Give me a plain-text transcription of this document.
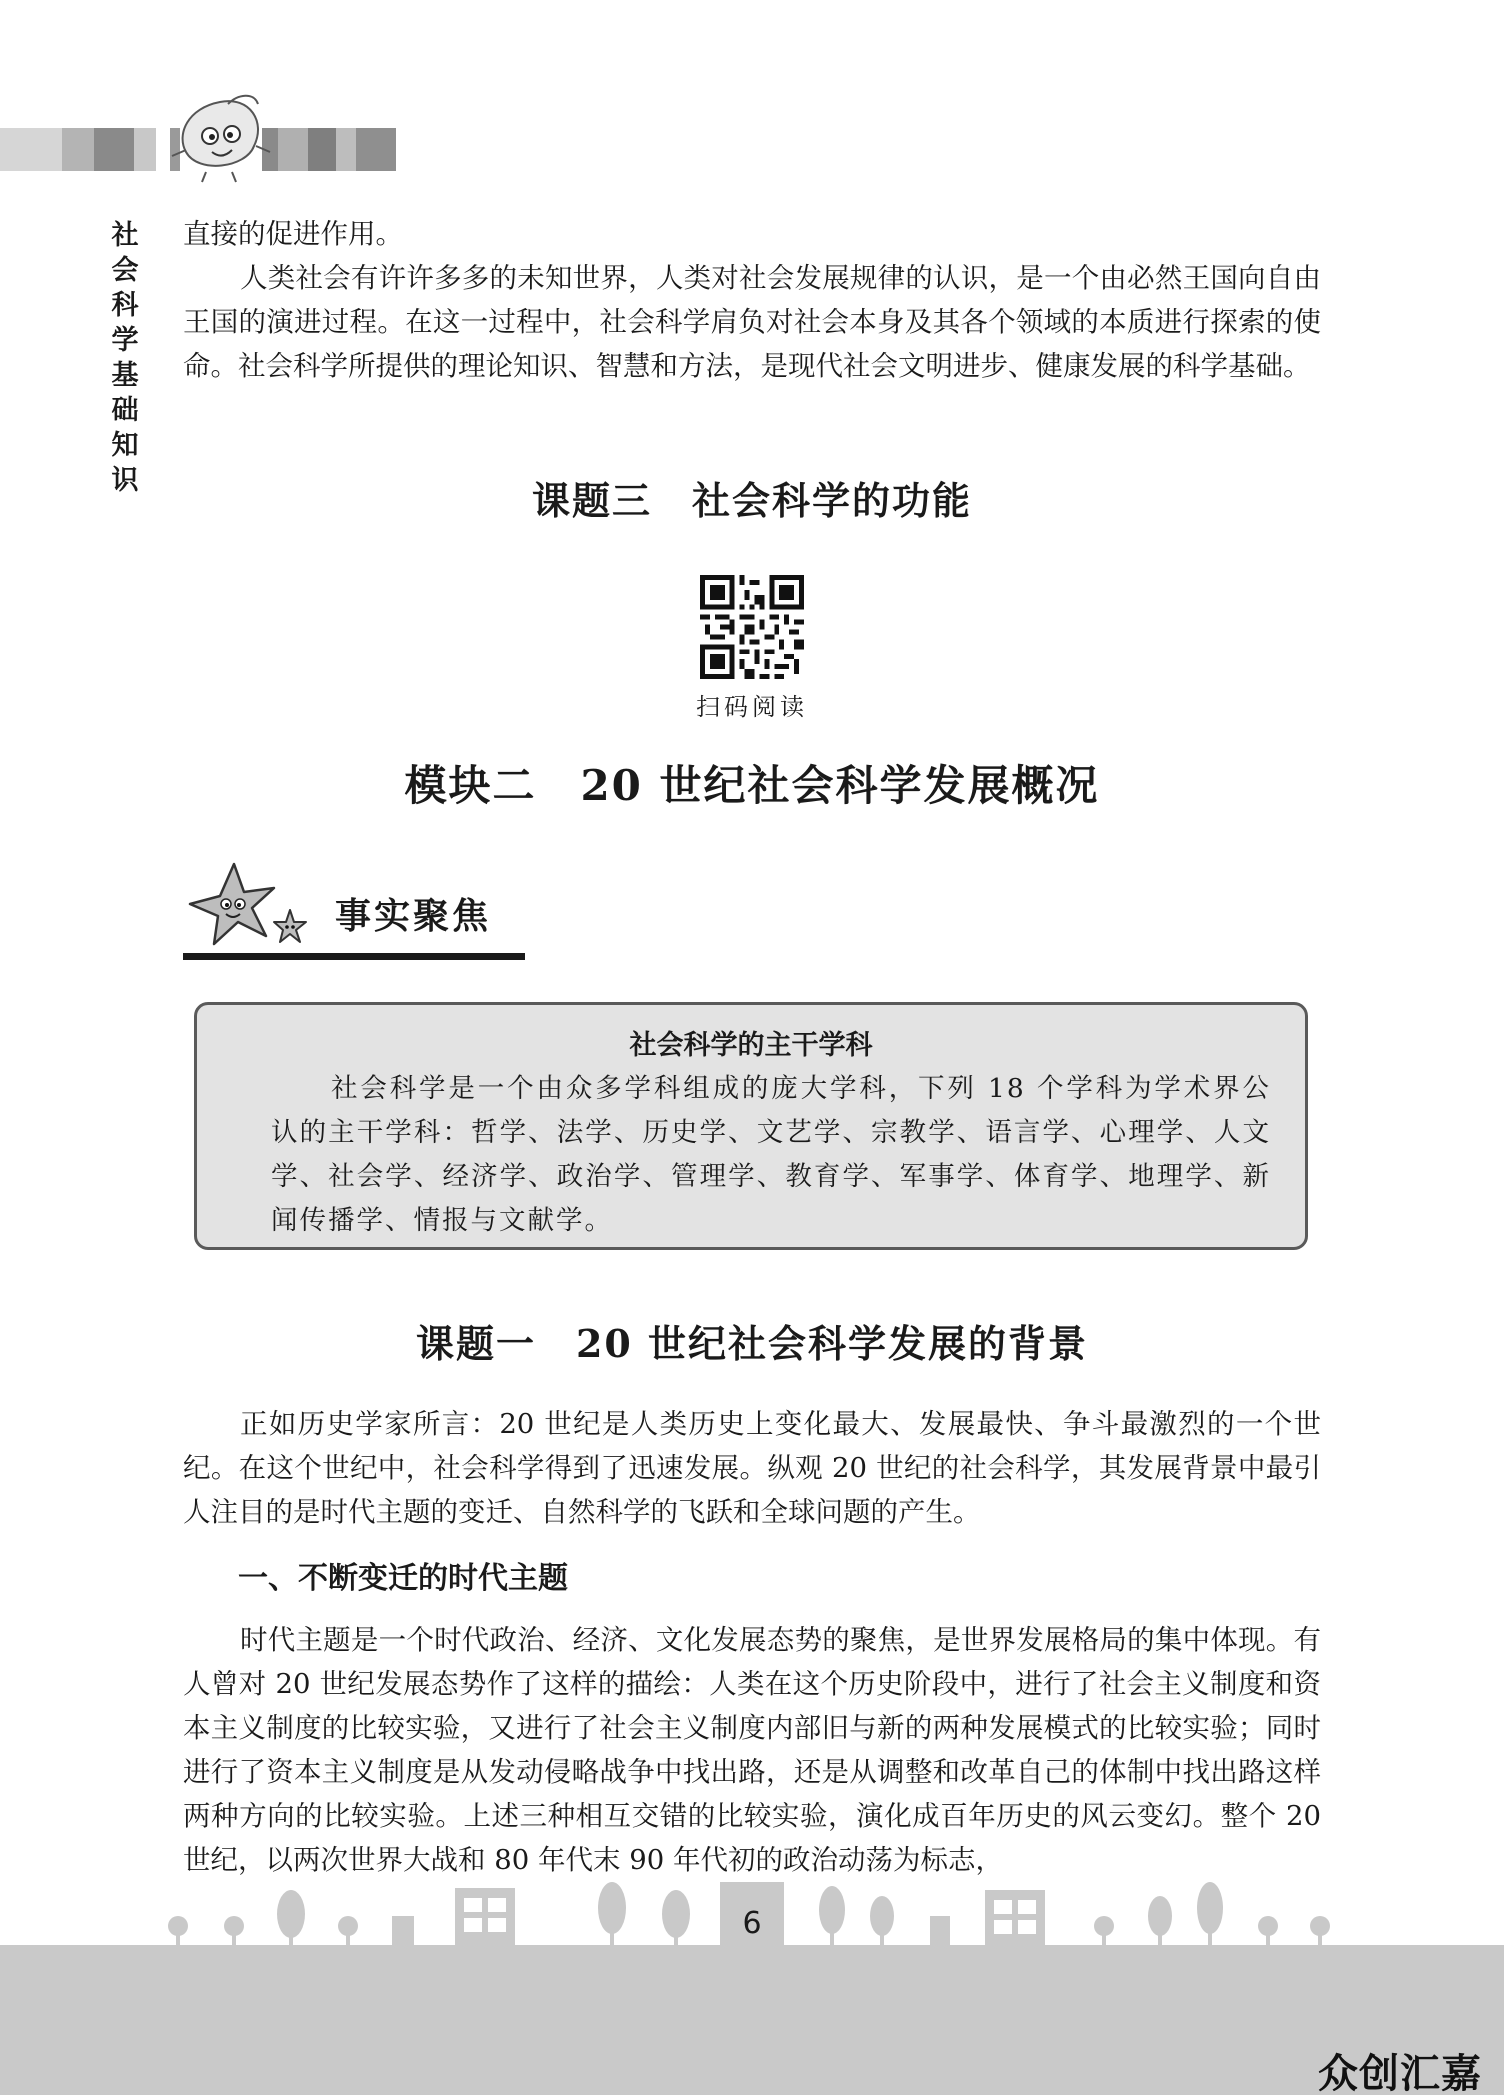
社
会
科
学
基
础
知
识

直接的促进作用。

人类社会有许许多多的未知世界，人类对社会发展规律的认识，是一个由必然王国向自由王国的演进过程。在这一过程中，社会科学肩负对社会本身及其各个领域的本质进行探索的使命。社会科学所提供的理论知识、智慧和方法，是现代社会文明进步、健康发展的科学基础。

课题三　社会科学的功能
扫码阅读
模块二　20 世纪社会科学发展概况
事实聚焦
社会科学的主干学科
社会科学是一个由众多学科组成的庞大学科，下列 18 个学科为学术界公认的主干学科：哲学、法学、历史学、文艺学、宗教学、语言学、心理学、人文学、社会学、经济学、政治学、管理学、教育学、军事学、体育学、地理学、新闻传播学、情报与文献学。
课题一　20 世纪社会科学发展的背景

正如历史学家所言：20 世纪是人类历史上变化最大、发展最快、争斗最激烈的一个世纪。在这个世纪中，社会科学得到了迅速发展。纵观 20 世纪的社会科学，其发展背景中最引人注目的是时代主题的变迁、自然科学的飞跃和全球问题的产生。

一、不断变迁的时代主题

时代主题是一个时代政治、经济、文化发展态势的聚焦，是世界发展格局的集中体现。有人曾对 20 世纪发展态势作了这样的描绘：人类在这个历史阶段中，进行了社会主义制度和资本主义制度的比较实验，又进行了社会主义制度内部旧与新的两种发展模式的比较实验；同时进行了资本主义制度是从发动侵略战争中找出路，还是从调整和改革自己的体制中找出路这样两种方向的比较实验。上述三种相互交错的比较实验，演化成百年历史的风云变幻。整个 20 世纪，以两次世界大战和 80 年代末 90 年代初的政治动荡为标志，

6
众创汇嘉
